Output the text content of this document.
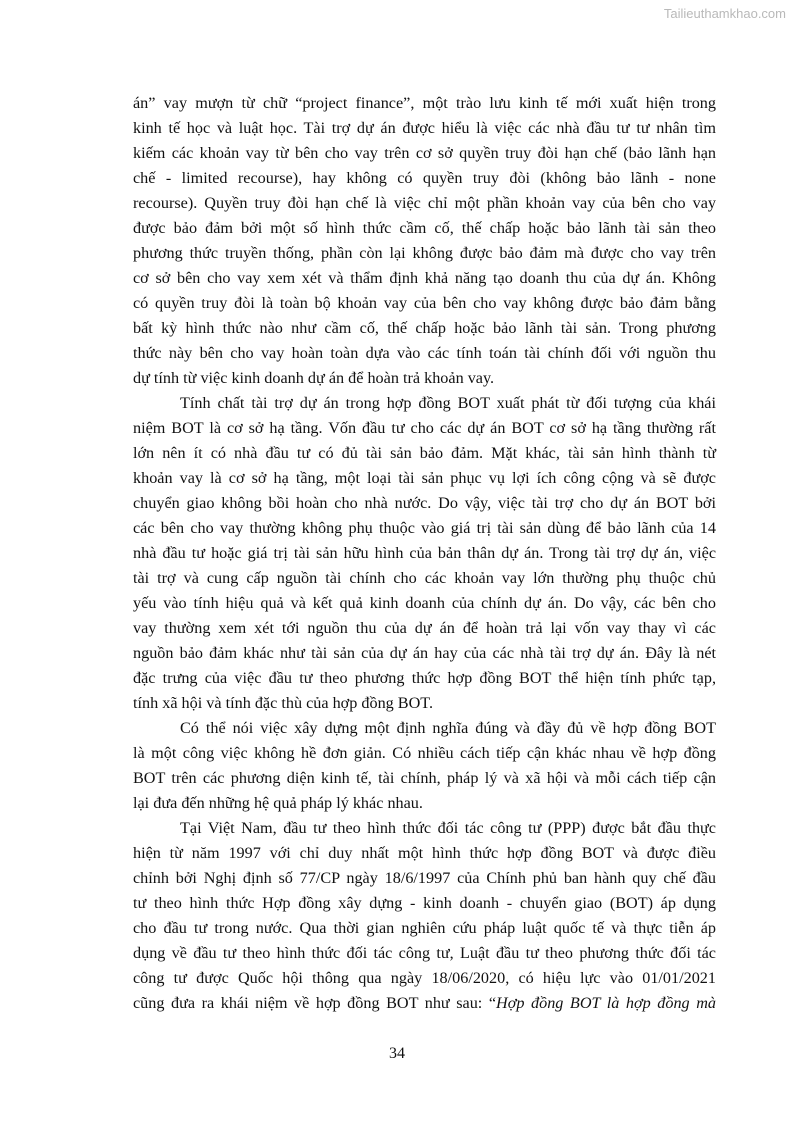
Tailieuthamkhao.com

án” vay mượn từ chữ “project finance”, một trào lưu kinh tế mới xuất hiện trong
kinh tế học và luật học. Tài trợ dự án được hiểu là việc các nhà đầu tư tư nhân tìm
kiếm các khoản vay từ bên cho vay trên cơ sở quyền truy đòi hạn chế (bảo lãnh hạn
chế - limited recourse), hay không có quyền truy đòi (không bảo lãnh - none
recourse). Quyền truy đòi hạn chế là việc chỉ một phần khoản vay của bên cho vay
được bảo đảm bởi một số hình thức cầm cố, thế chấp hoặc bảo lãnh tài sản theo
phương thức truyền thống, phần còn lại không được bảo đảm mà được cho vay trên
cơ sở bên cho vay xem xét và thẩm định khả năng tạo doanh thu của dự án. Không
có quyền truy đòi là toàn bộ khoản vay của bên cho vay không được bảo đảm bằng
bất kỳ hình thức nào như cầm cố, thế chấp hoặc bảo lãnh tài sản. Trong phương
thức này bên cho vay hoàn toàn dựa vào các tính toán tài chính đối với nguồn thu
dự tính từ việc kinh doanh dự án để hoàn trả khoản vay.

Tính chất tài trợ dự án trong hợp đồng BOT xuất phát từ đối tượng của khái
niệm BOT là cơ sở hạ tầng. Vốn đầu tư cho các dự án BOT cơ sở hạ tầng thường rất
lớn nên ít có nhà đầu tư có đủ tài sản bảo đảm. Mặt khác, tài sản hình thành từ
khoản vay là cơ sở hạ tầng, một loại tài sản phục vụ lợi ích công cộng và sẽ được
chuyển giao không bồi hoàn cho nhà nước. Do vậy, việc tài trợ cho dự án BOT bởi
các bên cho vay thường không phụ thuộc vào giá trị tài sản dùng để bảo lãnh của 14
nhà đầu tư hoặc giá trị tài sản hữu hình của bản thân dự án. Trong tài trợ dự án, việc
tài trợ và cung cấp nguồn tài chính cho các khoản vay lớn thường phụ thuộc chủ
yếu vào tính hiệu quả và kết quả kinh doanh của chính dự án. Do vậy, các bên cho
vay thường xem xét tới nguồn thu của dự án để hoàn trả lại vốn vay thay vì các
nguồn bảo đảm khác như tài sản của dự án hay của các nhà tài trợ dự án. Đây là nét
đặc trưng của việc đầu tư theo phương thức hợp đồng BOT thể hiện tính phức tạp,
tính xã hội và tính đặc thù của hợp đồng BOT.

Có thể nói việc xây dựng một định nghĩa đúng và đầy đủ về hợp đồng BOT
là một công việc không hề đơn giản. Có nhiều cách tiếp cận khác nhau về hợp đồng
BOT trên các phương diện kinh tế, tài chính, pháp lý và xã hội và mỗi cách tiếp cận
lại đưa đến những hệ quả pháp lý khác nhau.

Tại Việt Nam, đầu tư theo hình thức đối tác công tư (PPP) được bắt đầu thực
hiện từ năm 1997 với chỉ duy nhất một hình thức hợp đồng BOT và được điều
chỉnh bởi Nghị định số 77/CP ngày 18/6/1997 của Chính phủ ban hành quy chế đầu
tư theo hình thức Hợp đồng xây dựng - kinh doanh - chuyển giao (BOT) áp dụng
cho đầu tư trong nước. Qua thời gian nghiên cứu pháp luật quốc tế và thực tiễn áp
dụng về đầu tư theo hình thức đối tác công tư, Luật đầu tư theo phương thức đối tác
công tư được Quốc hội thông qua ngày 18/06/2020, có hiệu lực vào 01/01/2021
cũng đưa ra khái niệm về hợp đồng BOT như sau: “Hợp đồng BOT là hợp đồng mà

34
